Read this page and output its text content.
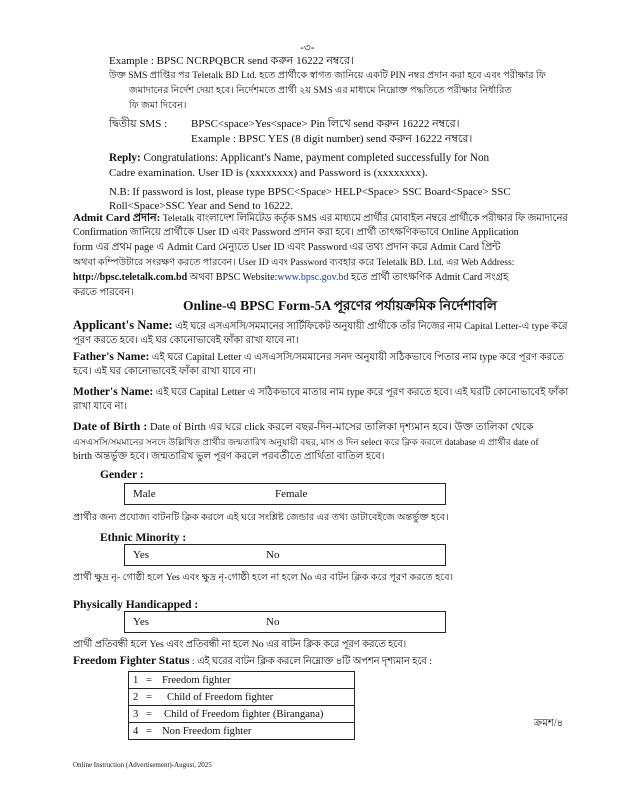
-৩-
Example : BPSC NCRPQBCR send করুন 16222 নম্বরে।
উক্ত SMS প্রাপ্তির পর Teletalk BD Ltd. হতে প্রার্থীকে স্বাগত জানিয়ে একটি PIN নম্বর প্রদান করা হবে এবং পরীক্ষার ফি
জমাদানের নির্দেশ দেয়া হবে। নির্দেশমতে প্রার্থী ২য় SMS এর মাধ্যমে নিম্নোক্ত পদ্ধতিতে পরীক্ষার নির্ধারিত
ফি জমা দিবেন।
দ্বিতীয় SMS : BPSC<space>Yes<space> Pin লিখে send করুন 16222 নম্বরে।
Example : BPSC YES (8 digit number) send করুন 16222 নম্বরে।
Reply: Congratulations: Applicant's Name, payment completed successfully for Non
Cadre examination. User ID is (xxxxxxxx) and Password is (xxxxxxxx).
N.B: If password is lost, please type BPSC<Space> HELP<Space> SSC Board<Space> SSC
Roll<Space>SSC Year and Send to 16222.
Admit Card প্রদান: Teletalk বাংলাদেশ লিমিটেড কর্তৃক SMS এর মাধ্যমে প্রার্থীর মোবাইল নম্বরে প্রার্থীকে পরীক্ষার ফি জমাদানের
Confirmation জানিয়ে প্রার্থীকে User ID এবং Password প্রদান করা হবে। প্রার্থী তাৎক্ষণিকভাবে Online Application
form এর প্রথম page এ Admit Card মেন্যুতে User ID এবং Password এর তথ্য প্রদান করে Admit Card প্রিন্ট
অথবা কম্পিউটারে সংরক্ষণ করতে পারবেন। User ID এবং Password ব্যবহার করে Teletalk BD. Ltd. এর Web Address:
http://bpsc.teletalk.com.bd অথবা BPSC Website:www.bpsc.gov.bd হতে প্রার্থী তাৎক্ষণিক Admit Card সংগ্রহ
করতে পারবেন।
Online-এ BPSC Form-5A পূরণের পর্যায়ক্রমিক নির্দেশাবলি
Applicant's Name: এই ঘরে এসএসসি/সমমানের সার্টিফিকেট অনুযায়ী প্রার্থীকে তাঁর নিজের নাম Capital Letter-এ type করে
পূরণ করতে হবে। এই ঘর কোনোভাবেই ফাঁকা রাখা যাবে না।
Father's Name: এই ঘরে Capital Letter এ এসএসসি/সমমানের সনদ অনুযায়ী সঠিকভাবে পিতার নাম type করে পূরণ করতে
হবে। এই ঘর কোনোভাবেই ফাঁকা রাখা যাবে না।
Mother's Name: এই ঘরে Capital Letter এ সঠিকভাবে মাতার নাম type করে পূরণ করতে হবে। এই ঘরটি কোনোভাবেই ফাঁকা
রাখা যাবে না।
Date of Birth : Date of Birth এর ঘরে click করলে বছর-দিন-মাসের তালিকা দৃশ্যমান হবে। উক্ত তালিকা থেকে
এসএসসি/সমমানের সনদে উল্লিখিত প্রার্থীর জন্মতারিখ অনুযায়ী বছর, মাস ও দিন select করে ক্লিক করলে database এ প্রার্থীর date of
birth অন্তর্ভুক্ত হবে। জন্মতারিখ ভুল পূরণ করলে পরবর্তীতে প্রার্থিতা বাতিল হবে।
Gender :
Male	Female
প্রার্থীর জন্য প্রযোজ্য বাটনটি ক্লিক করলে এই ঘরে সংশ্লিষ্ট জেন্ডার এর তথ্য ডাটাবেইজে অন্তর্ভুক্ত হবে।
Ethnic Minority :
Yes	No
প্রার্থী ক্ষুদ্র নৃ- গোষ্ঠী হলে Yes এবং ক্ষুদ্র নৃ-গোষ্ঠী হলে না হলে No এর বাটন ক্লিক করে পূরণ করতে হবে।
Physically Handicapped :
Yes	No
প্রার্থী প্রতিবন্ধী হলে Yes এবং প্রতিবন্ধী না হলে No এর বাটন ক্লিক করে পূরণ করতে হবে।
Freedom Fighter Status : এই ঘরের বাটন ক্লিক করলে নিম্নোক্ত ৪টি অপশন দৃশ্যমান হবে :
1 = Freedom fighter
2 = Child of Freedom fighter
3 = Child of Freedom fighter (Birangana)
4 = Non Freedom fighter
ক্রমশ/৪
Online Instruction (Advertisement)-August, 2025
